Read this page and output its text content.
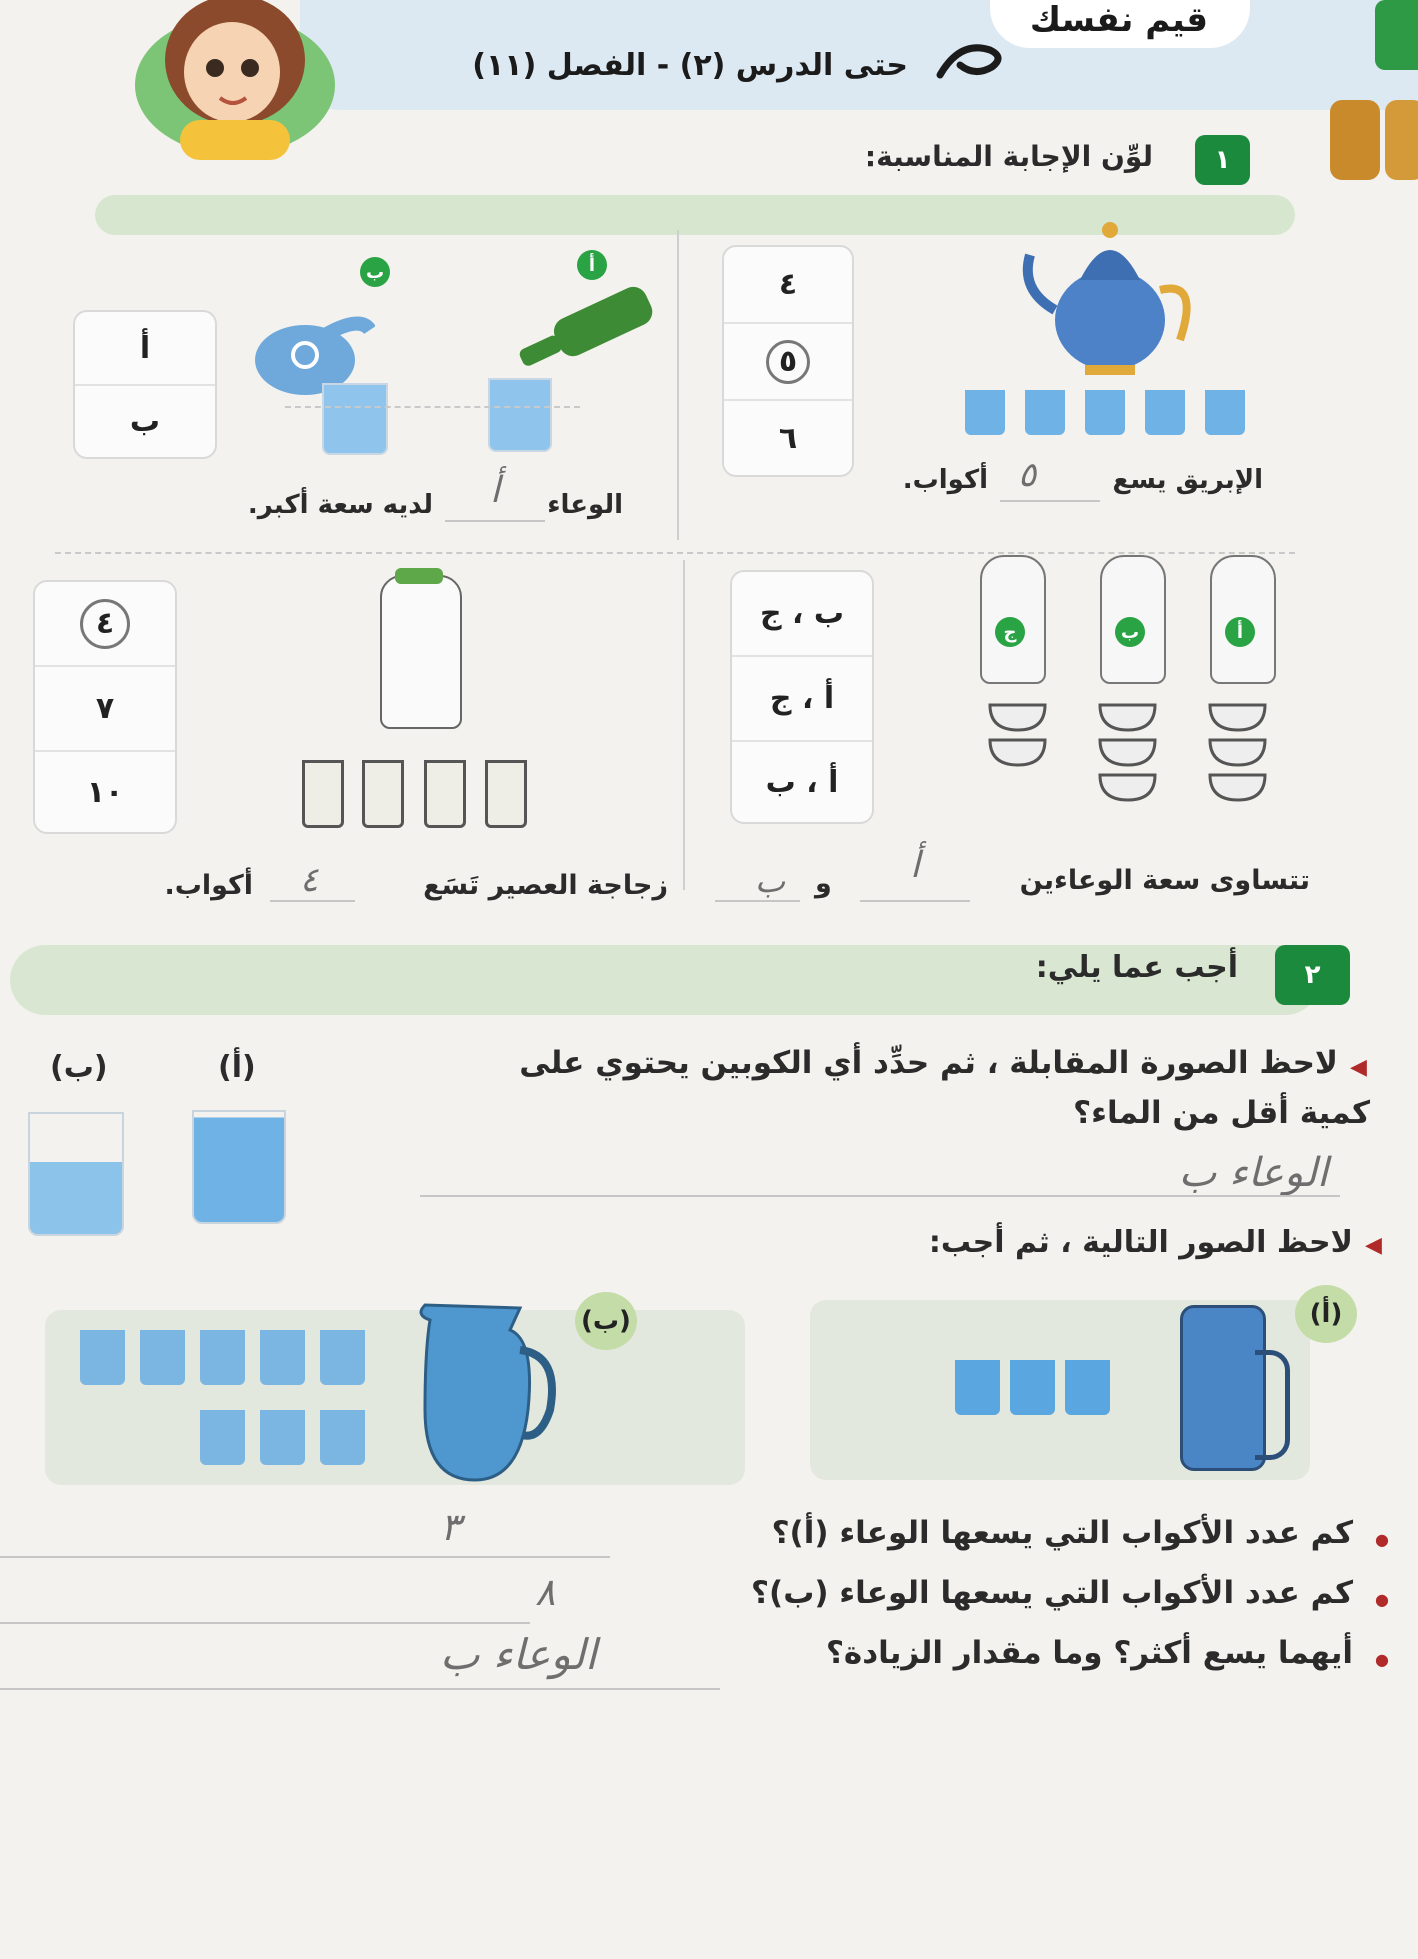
قيم نفسك
حتى الدرس (٢) - الفصل (١١)
١
لوِّن الإجابة المناسبة:
٤
٥
٦
الإبريق يسع
٥
أكواب.
أ
ب
أ
ب
الوعاء
أ
لديه سعة أكبر.
ج	ب	أ
ب ، ج
أ ، ج
أ ، ب
تتساوى سعة الوعاءين
أ
و
ب
٤
٧
١٠
زجاجة العصير تَسَع
٤
أكواب.
٢
أجب عما يلي:
◀
لاحظ الصورة المقابلة ، ثم حدِّد أي الكوبين يحتوي على
كمية أقل من الماء؟
(أ)
(ب)
الوعاء ب
◀
لاحظ الصور التالية ، ثم أجب:
(أ)
(ب)
●
كم عدد الأكواب التي يسعها الوعاء (أ)؟
٣
●
كم عدد الأكواب التي يسعها الوعاء (ب)؟
٨
●
أيهما يسع أكثر؟ وما مقدار الزيادة؟
الوعاء ب
